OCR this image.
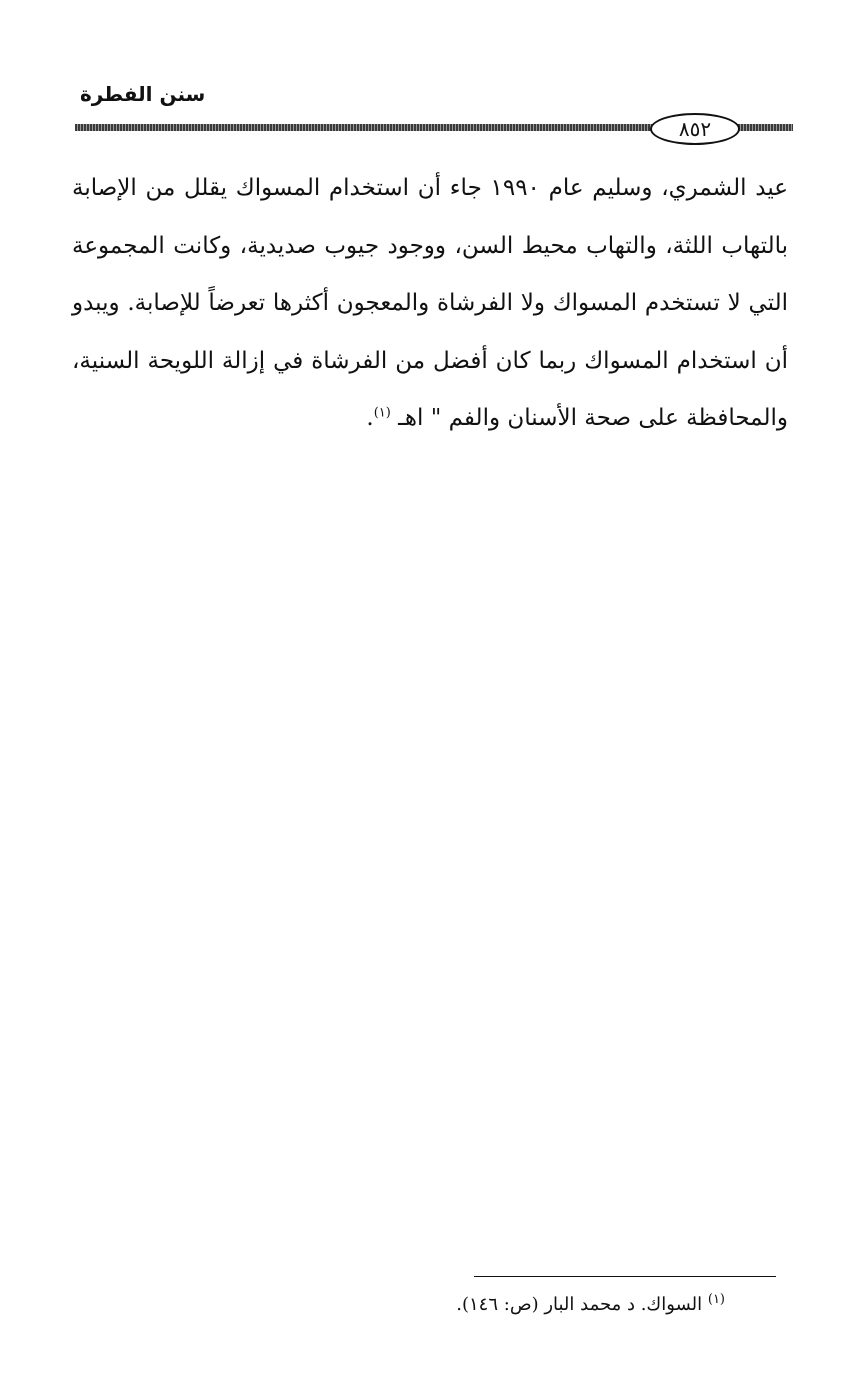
سنن الفطرة
٨٥٢

عيد الشمري، وسليم عام ١٩٩٠ جاء أن استخدام المسواك يقلل من الإصابة بالتهاب اللثة، والتهاب محيط السن، ووجود جيوب صديدية، وكانت المجموعة التي لا تستخدم المسواك ولا الفرشاة والمعجون أكثرها تعرضاً للإصابة. ويبدو أن استخدام المسواك ربما كان أفضل من الفرشاة في إزالة اللويحة السنية، والمحافظة على صحة الأسنان والفم " اهـ $^{(١)}$.

$^{(١)}$ السواك. د محمد البار (ص: ١٤٦).
